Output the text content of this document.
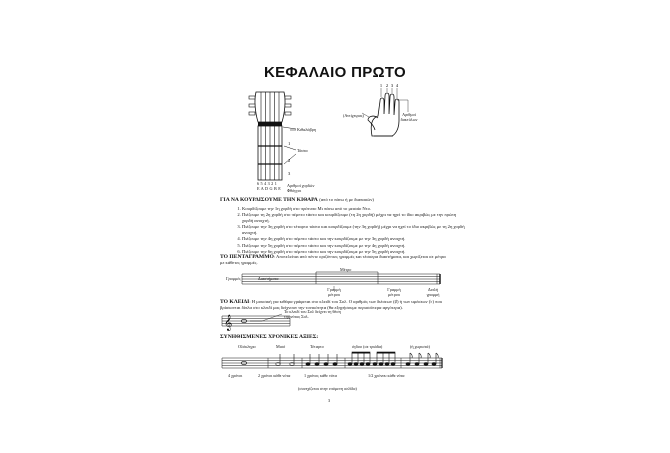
ΚΕΦΑΛΑΙΟ ΠΡΩΤΟ
1
2
3
Κιθαλάβρη
Τάστα
6 5 4 3 2 1
E A D G B E
Αριθμοί χορδών
Φθόγγοι
1 2 3 4
(Αντίχειρας)	Αριθμοί δακτύλων
ΓΙΑ ΝΑ ΚΟΥΡΔΙΣΟΥΜΕ ΤΗΝ ΚΙΘΑΡΑ (από το πάνω ή με διαπασών)
1. Κουρδίζουμε την 1η χορδή στο πρότυπο Μι πάνω από το μεσαίο Ντο.
2. Πιέζουμε τη 2η χορδή στο πέμπτο τάστο και κουρδίζουμε (τη 2η χορδή) μέχρι να ηχεί το ίδιο ακριβώς με την πρώτη χορδή ανοιχτή.
3. Πιέζουμε την 3η χορδή στο τέταρτο τάστο και κουρδίζουμε (την 3η χορδή) μέχρι να ηχεί το ίδιο ακριβώς με τη 2η χορδή ανοιχτή.
4. Πιέζουμε την 4η χορδή στο πέμπτο τάστο και την κουρδίζουμε με την 3η χορδή ανοιχτή.
5. Πιέζουμε την 5η χορδή στο πέμπτο τάστο και την κουρδίζουμε με την 4η χορδή ανοιχτή.
6. Πιέζουμε την 6η χορδή στο πέμπτο τάστο και την κουρδίζουμε με την 5η χορδή ανοιχτή.
ΤΟ ΠΕΝΤΑΓΡΑΜΜΟ: Αποτελείται από πέντε οριζόντιες γραμμές και τέσσερα διαστήματα, και χωρίζεται σε μέτρα με κάθετες γραμμές.
Γραμμές	Διαστήματα
Μέτρο
Γραμμή μέτρου
Γραμμή μέτρου
Διπλή γραμμή
ΤΟ ΚΛΕΙΔΙ: Η μουσική για κιθάρα γράφεται στο κλειδί του Σολ. Ο αριθμός των διέσεων (♯) ή των υφέσεων (♭) που βρίσκονται δίπλα στο κλειδί μας δείχνουν την τονικότητα (θα εξηγήσουμε περισσότερα αργότερα).
𝄞
Το κλειδί του Σολ δείχνει τη θέση της νότας Σολ.
ΣΥΝΗΘΙΣΜΕΝΕΣ ΧΡΟΝΙΚΕΣ ΑΞΙΕΣ:
Ολόκληρο	Μισό	Τέταρτο	όγδοο (σε τριάδα)	(ή χωριστά)
4 χρόνοι	2 χρόνοι κάθε νότα	1 χρόνος κάθε νότα	1/2 χρόνου κάθε νότα
(συνεχίζεται στην επόμενη σελίδα)
3
